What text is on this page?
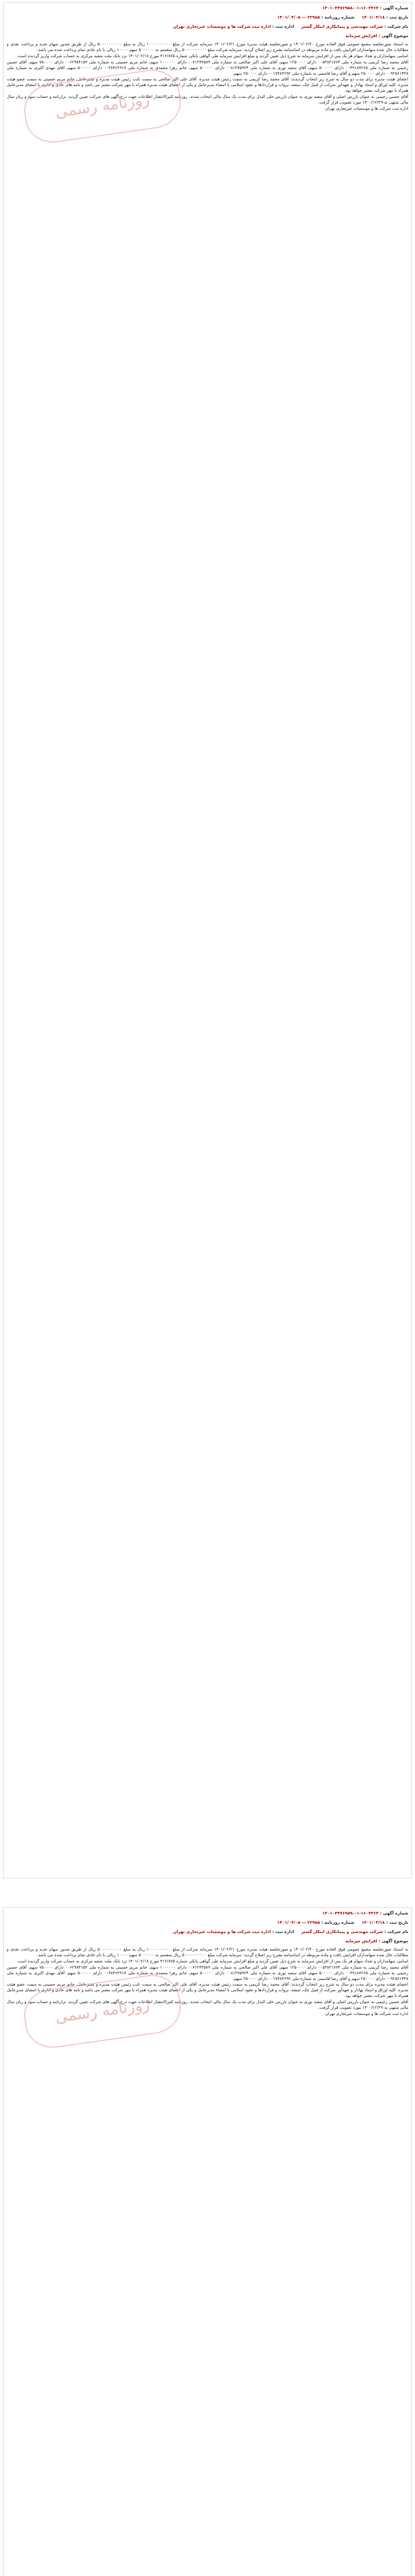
شماره آگهی : ۱۶۰۳۳۶۳-۰۱-۱۴۰۱۰۳۴۷۶۹۵۸
تاریخ ثبت : ۱۴۰۱/۰۳/۱۸
شماره روزنامه : ۲۲۹۸۵ — ۱۴۰۱/۰۴/۰۵
نام شرکت : شرکت مهندسی و پیمانکاری ابتکار گستر
اداره ثبت : اداره ثبت شرکت ها و موسسات غیرتجاری تهران
موضوع آگهی : افزایش سرمایه
روزنامه رسمی

به استناد صورتجلسه مجمع عمومی فوق العاده مورخ ۱۴۰۱/۰۲/۲۰ و صورتجلسه هیئت مدیره مورخ ۱۴۰۱/۰۲/۲۱ سرمایه شرکت از مبلغ ۱۰۰۰۰۰۰۰۰۰۰ ریال به مبلغ ۵۰۰۰۰۰۰۰۰۰۰ ریال از طریق صدور سهام جدید و پرداخت نقدی و مطالبات حال شده سهامداران افزایش یافت و ماده مربوطه در اساسنامه بشرح زیر اصلاح گردید: سرمایه شرکت مبلغ ۵۰۰۰۰۰۰۰۰۰۰ ریال منقسم به ۵۰۰۰۰۰۰ سهم ۱۰۰۰۰ ریالی با نام عادی تمام پرداخت شده می باشد.

اسامی سهامداران و تعداد سهام هر یک پس از افزایش سرمایه به شرح ذیل تعیین گردید و مبلغ افزایش سرمایه طی گواهی بانکی شماره ۴۱۲/۸۷۵ مورخ ۱۴۰۱/۰۲/۱۸ نزد بانک ملت شعبه مرکزی به حساب شرکت واریز گردیده است.

آقای محمد رضا کریمی به شماره ملی ۰۰۵۳۸۲۱۷۶۴ دارای ۱۲۵۰۰۰۰ سهم، آقای علی اکبر صالحی به شماره ملی ۰۰۷۱۲۴۳۵۸۹ دارای ۱۰۰۰۰۰۰ سهم، خانم مریم حسینی به شماره ملی ۰۰۶۲۹۸۴۱۵۳ دارای ۷۵۰۰۰۰ سهم، آقای حسین رحیمی به شماره ملی ۰۰۴۹۱۸۷۲۶۵ دارای ۵۰۰۰۰۰ سهم، آقای سعید نوری به شماره ملی ۰۰۸۱۳۷۵۹۲۴ دارای ۵۰۰۰۰۰ سهم، خانم زهرا محمدی به شماره ملی ۰۰۳۸۴۶۲۹۱۷ دارای ۵۰۰۰۰۰ سهم، آقای مهدی اکبری به شماره ملی ۰۰۹۲۵۶۱۴۳۸ دارای ۲۵۰۰۰۰ سهم و آقای رضا قاسمی به شماره ملی ۰۰۱۷۴۸۳۶۹۲ دارای ۲۵۰۰۰۰ سهم.

اعضای هیئت مدیره برای مدت دو سال به شرح زیر انتخاب گردیدند: آقای محمد رضا کریمی به سمت رئیس هیئت مدیره، آقای علی اکبر صالحی به سمت نایب رئیس هیئت مدیره و مدیرعامل، خانم مریم حسینی به سمت عضو هیئت مدیره. کلیه اوراق و اسناد بهادار و تعهدآور شرکت از قبیل چک، سفته، بروات و قراردادها و عقود اسلامی با امضاء مدیرعامل و یکی از اعضای هیئت مدیره همراه با مهر شرکت معتبر می باشد و نامه های عادی و اداری با امضای مدیرعامل همراه با مهر شرکت معتبر خواهد بود.

آقای حسین رحیمی به عنوان بازرس اصلی و آقای سعید نوری به عنوان بازرس علی البدل برای مدت یک سال مالی انتخاب شدند. روزنامه کثیرالانتشار اطلاعات جهت درج آگهی های شرکت تعیین گردید. ترازنامه و حساب سود و زیان سال مالی منتهی به ۱۴۰۰/۱۲/۲۹ مورد تصویب قرار گرفت.

اداره ثبت شرکت ها و موسسات غیرتجاری تهران

شماره آگهی : ۱۶۰۳۳۶۴-۰۱-۱۴۰۱۰۳۴۷۶۹۵۹
تاریخ ثبت : ۱۴۰۱/۰۳/۱۸
شماره روزنامه : ۲۲۹۸۵ — ۱۴۰۱/۰۴/۰۵
نام شرکت : شرکت مهندسی و پیمانکاری ابتکار گستر
اداره ثبت : اداره ثبت شرکت ها و موسسات غیرتجاری تهران
موضوع آگهی : افزایش سرمایه
روزنامه رسمی

به استناد صورتجلسه مجمع عمومی فوق العاده مورخ ۱۴۰۱/۰۲/۲۰ و صورتجلسه هیئت مدیره مورخ ۱۴۰۱/۰۲/۲۱ سرمایه شرکت از مبلغ ۱۰۰۰۰۰۰۰۰۰۰ ریال به مبلغ ۵۰۰۰۰۰۰۰۰۰۰ ریال از طریق صدور سهام جدید و پرداخت نقدی و مطالبات حال شده سهامداران افزایش یافت و ماده مربوطه در اساسنامه بشرح زیر اصلاح گردید: سرمایه شرکت مبلغ ۵۰۰۰۰۰۰۰۰۰۰ ریال منقسم به ۵۰۰۰۰۰۰ سهم ۱۰۰۰۰ ریالی با نام عادی تمام پرداخت شده می باشد.

اسامی سهامداران و تعداد سهام هر یک پس از افزایش سرمایه به شرح ذیل تعیین گردید و مبلغ افزایش سرمایه طی گواهی بانکی شماره ۴۱۲/۸۷۵ مورخ ۱۴۰۱/۰۲/۱۸ نزد بانک ملت شعبه مرکزی به حساب شرکت واریز گردیده است.

آقای محمد رضا کریمی به شماره ملی ۰۰۵۳۸۲۱۷۶۴ دارای ۱۲۵۰۰۰۰ سهم، آقای علی اکبر صالحی به شماره ملی ۰۰۷۱۲۴۳۵۸۹ دارای ۱۰۰۰۰۰۰ سهم، خانم مریم حسینی به شماره ملی ۰۰۶۲۹۸۴۱۵۳ دارای ۷۵۰۰۰۰ سهم، آقای حسین رحیمی به شماره ملی ۰۰۴۹۱۸۷۲۶۵ دارای ۵۰۰۰۰۰ سهم، آقای سعید نوری به شماره ملی ۰۰۸۱۳۷۵۹۲۴ دارای ۵۰۰۰۰۰ سهم، خانم زهرا محمدی به شماره ملی ۰۰۳۸۴۶۲۹۱۷ دارای ۵۰۰۰۰۰ سهم، آقای مهدی اکبری به شماره ملی ۰۰۹۲۵۶۱۴۳۸ دارای ۲۵۰۰۰۰ سهم و آقای رضا قاسمی به شماره ملی ۰۰۱۷۴۸۳۶۹۲ دارای ۲۵۰۰۰۰ سهم.

اعضای هیئت مدیره برای مدت دو سال به شرح زیر انتخاب گردیدند: آقای محمد رضا کریمی به سمت رئیس هیئت مدیره، آقای علی اکبر صالحی به سمت نایب رئیس هیئت مدیره و مدیرعامل، خانم مریم حسینی به سمت عضو هیئت مدیره. کلیه اوراق و اسناد بهادار و تعهدآور شرکت از قبیل چک، سفته، بروات و قراردادها و عقود اسلامی با امضاء مدیرعامل و یکی از اعضای هیئت مدیره همراه با مهر شرکت معتبر می باشد و نامه های عادی و اداری با امضای مدیرعامل همراه با مهر شرکت معتبر خواهد بود.

آقای حسین رحیمی به عنوان بازرس اصلی و آقای سعید نوری به عنوان بازرس علی البدل برای مدت یک سال مالی انتخاب شدند. روزنامه کثیرالانتشار اطلاعات جهت درج آگهی های شرکت تعیین گردید. ترازنامه و حساب سود و زیان سال مالی منتهی به ۱۴۰۰/۱۲/۲۹ مورد تصویب قرار گرفت.

اداره ثبت شرکت ها و موسسات غیرتجاری تهران
